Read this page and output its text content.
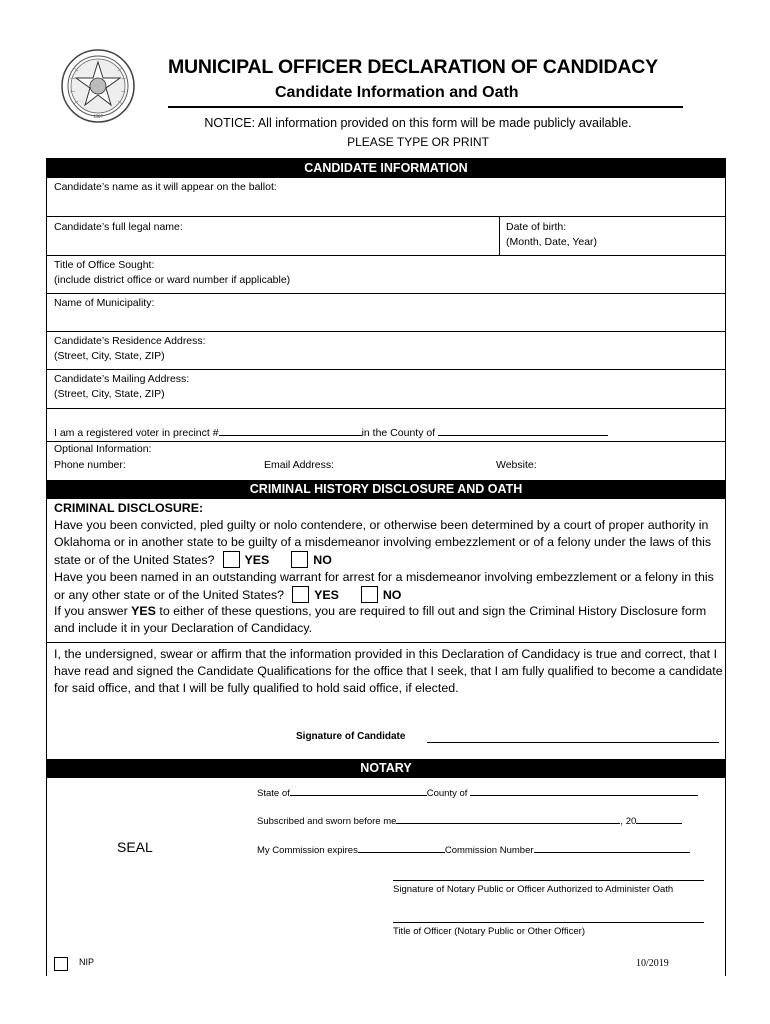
1907
MUNICIPAL OFFICER DECLARATION OF CANDIDACY
Candidate Information and Oath
NOTICE: All information provided on this form will be made publicly available.
PLEASE TYPE OR PRINT
CANDIDATE INFORMATION
Candidate’s name as it will appear on the ballot:
Candidate’s full legal name:	Date of birth:
(Month, Date, Year)
Title of Office Sought:
(include district office or ward number if applicable)
Name of Municipality:
Candidate’s Residence Address:
(Street, City, State, ZIP)
Candidate’s Mailing Address:
(Street, City, State, ZIP)
I am a registered voter in precinct #	in the County of
Optional Information:
Phone number:	Email Address:	Website:
CRIMINAL HISTORY DISCLOSURE AND OATH
CRIMINAL DISCLOSURE:
Have you been convicted, pled guilty or nolo contendere, or otherwise been determined by a court of proper authority in Oklahoma or in another state to be guilty of a misdemeanor involving embezzlement or of a felony under the laws of this state or of the United States? YES	NO
Have you been named in an outstanding warrant for arrest for a misdemeanor involving embezzlement or a felony in this or any other state or of the United States? YES	NO
If you answer YES to either of these questions, you are required to fill out and sign the Criminal History Disclosure form and include it in your Declaration of Candidacy.
I, the undersigned, swear or affirm that the information provided in this Declaration of Candidacy is true and correct, that I have read and signed the Candidate Qualifications for the office that I seek, that I am fully qualified to become a candidate for said office, and that I will be fully qualified to hold said office, if elected.
Signature of Candidate
NOTARY
SEAL
State of	County of
Subscribed and sworn before me	, 20
My Commission expires	Commission Number
Signature of Notary Public or Officer Authorized to Administer Oath
Title of Officer (Notary Public or Other Officer)
NIP	10/2019
